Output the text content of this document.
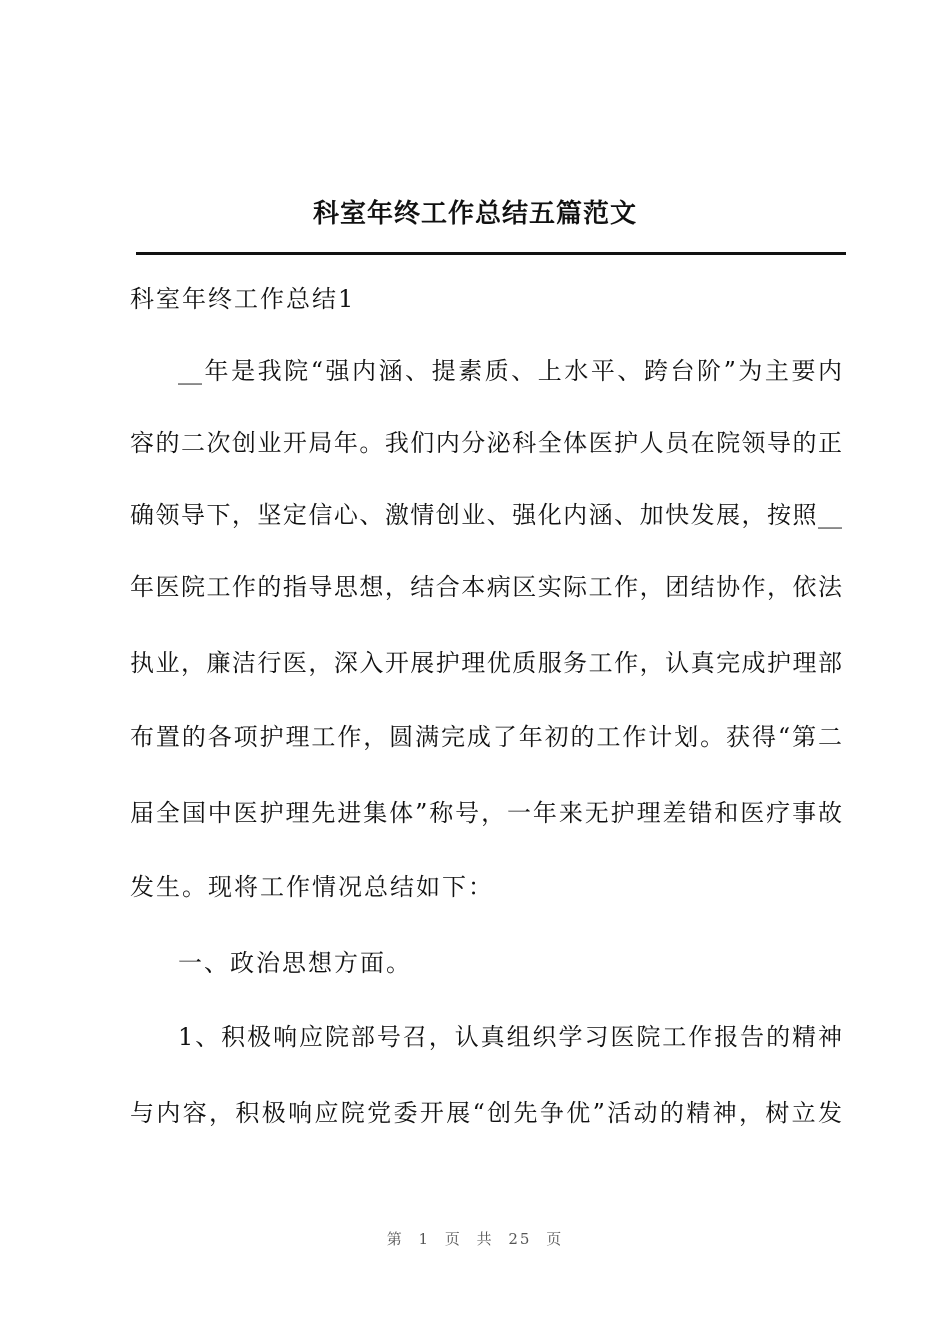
科室年终工作总结五篇范文
科室年终工作总结1
__年是我院“强内涵、提素质、上水平、跨台阶”为主要内
容的二次创业开局年。我们内分泌科全体医护人员在院领导的正
确领导下，坚定信心、激情创业、强化内涵、加快发展，按照__
年医院工作的指导思想，结合本病区实际工作，团结协作，依法
执业，廉洁行医，深入开展护理优质服务工作，认真完成护理部
布置的各项护理工作，圆满完成了年初的工作计划。获得“第二
届全国中医护理先进集体”称号，一年来无护理差错和医疗事故
发生。现将工作情况总结如下：
一、政治思想方面。
1、积极响应院部号召，认真组织学习医院工作报告的精神
与内容，积极响应院党委开展“创先争优”活动的精神，树立发
第 1 页 共 25 页
